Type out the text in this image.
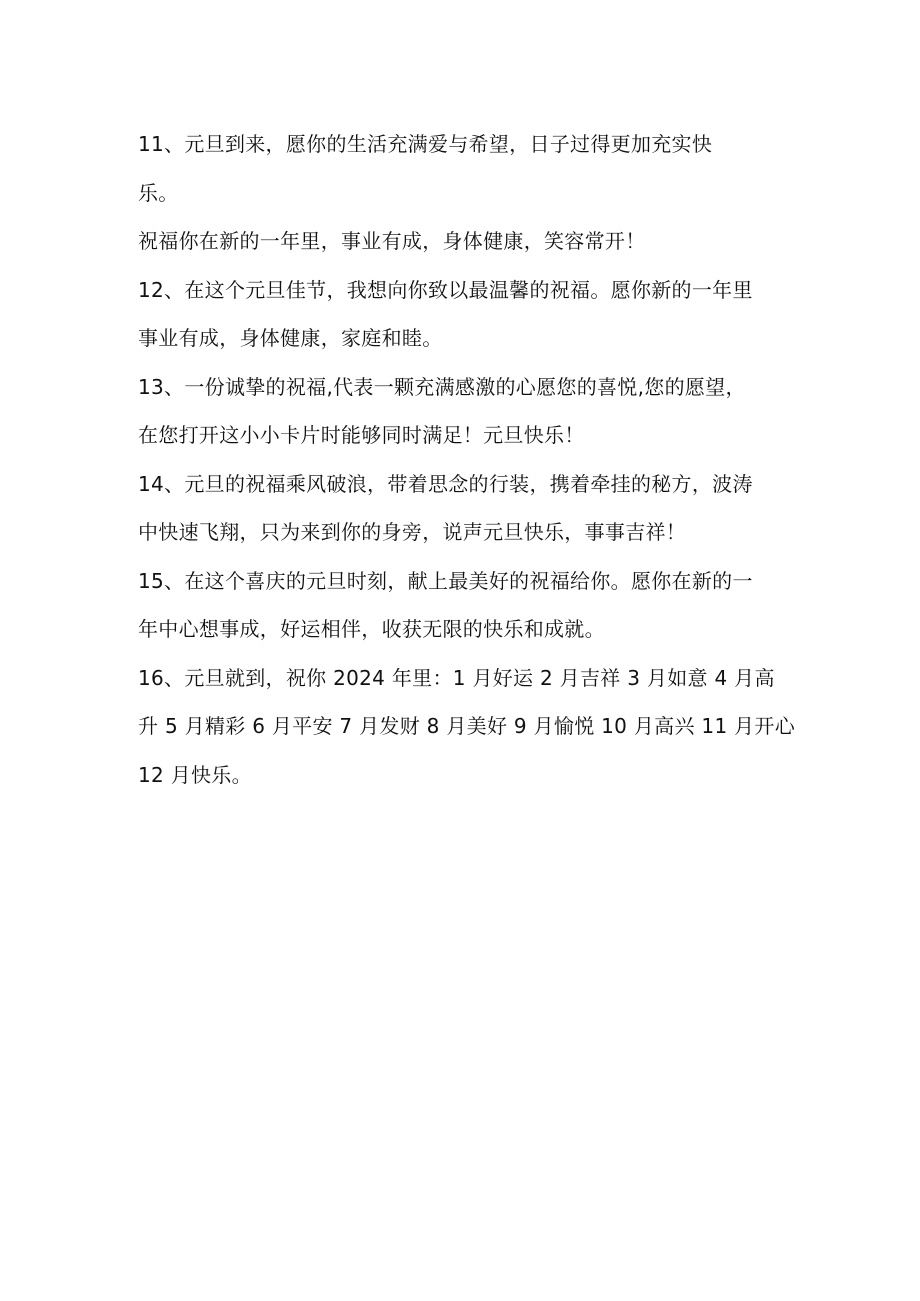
11、元旦到来，愿你的生活充满爱与希望，日子过得更加充实快
乐。
祝福你在新的一年里，事业有成，身体健康，笑容常开！
12、在这个元旦佳节，我想向你致以最温馨的祝福。愿你新的一年里
事业有成，身体健康，家庭和睦。
13、一份诚挚的祝福,代表一颗充满感激的心愿您的喜悦,您的愿望，
在您打开这小小卡片时能够同时满足！元旦快乐！
14、元旦的祝福乘风破浪，带着思念的行装，携着牵挂的秘方，波涛
中快速飞翔，只为来到你的身旁，说声元旦快乐，事事吉祥！
15、在这个喜庆的元旦时刻，献上最美好的祝福给你。愿你在新的一
年中心想事成，好运相伴，收获无限的快乐和成就。
16、元旦就到，祝你 2024 年里：1 月好运 2 月吉祥 3 月如意 4 月高
升 5 月精彩 6 月平安 7 月发财 8 月美好 9 月愉悦 10 月高兴 11 月开心
12 月快乐。
